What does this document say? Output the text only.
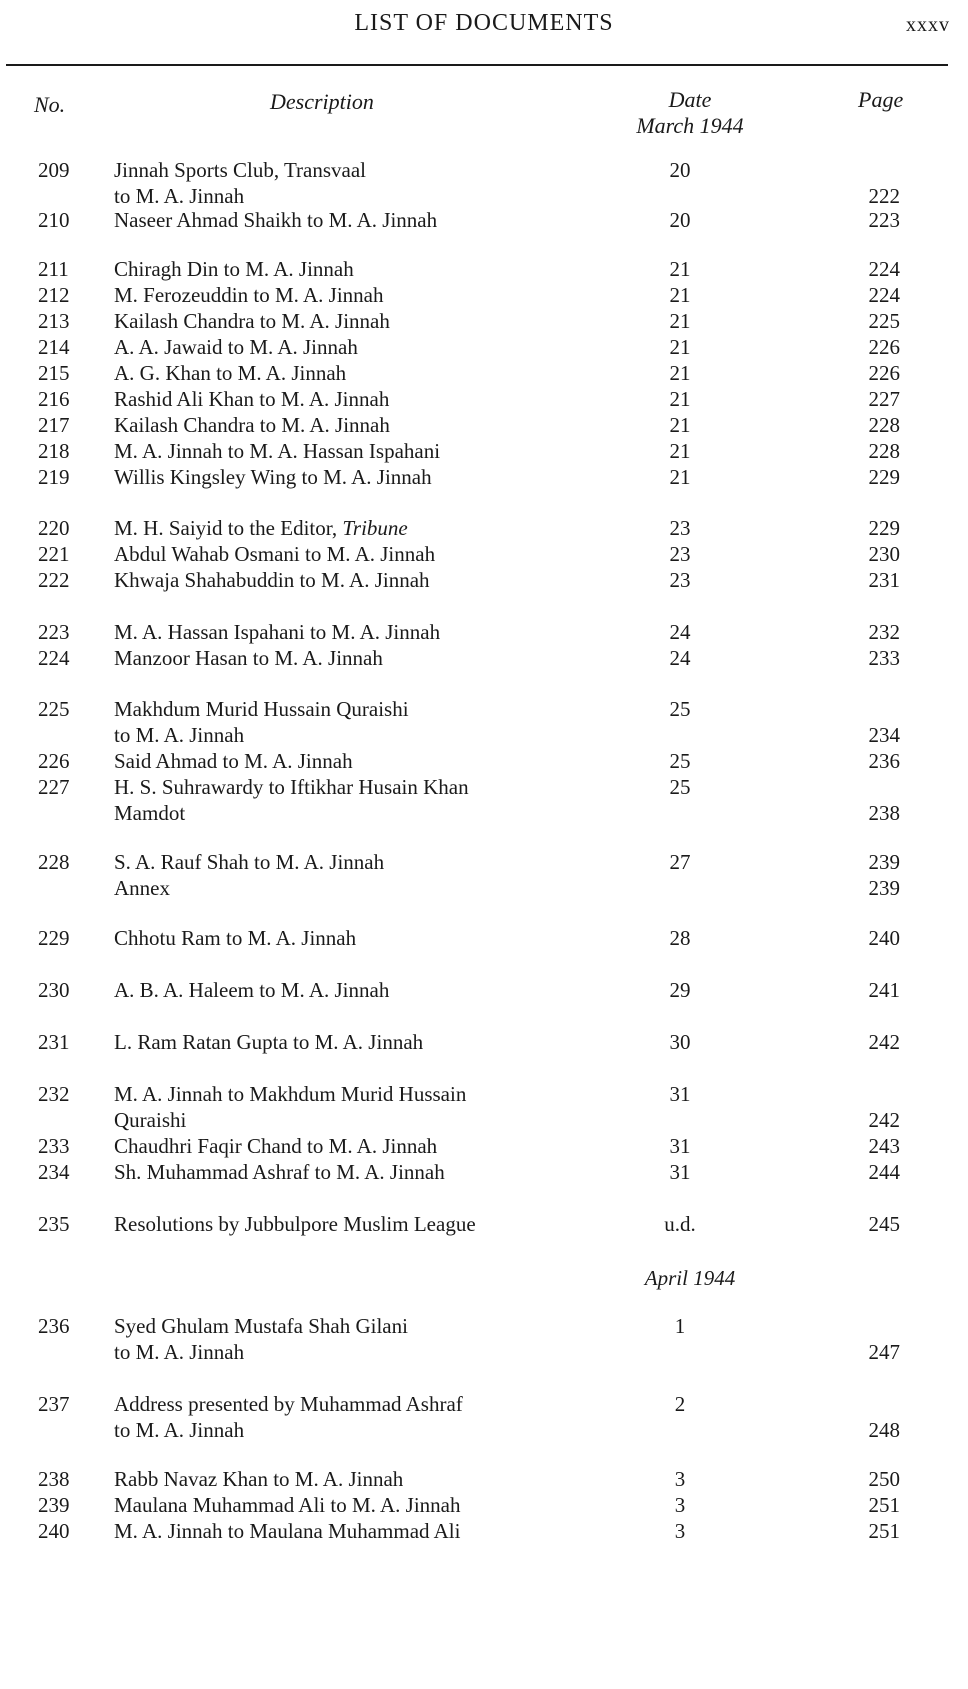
LIST OF DOCUMENTS	xxxv
No.	Description	Date
March 1944
Page
209	Jinnah Sports Club, Transvaal	20
to M. A. Jinnah	222
210	Naseer Ahmad Shaikh to M. A. Jinnah	20	223
211	Chiragh Din to M. A. Jinnah	21	224
212	M. Ferozeuddin to M. A. Jinnah	21	224
213	Kailash Chandra to M. A. Jinnah	21	225
214	A. A. Jawaid to M. A. Jinnah	21	226
215	A. G. Khan to M. A. Jinnah	21	226
216	Rashid Ali Khan to M. A. Jinnah	21	227
217	Kailash Chandra to M. A. Jinnah	21	228
218	M. A. Jinnah to M. A. Hassan Ispahani	21	228
219	Willis Kingsley Wing to M. A. Jinnah	21	229
220	M. H. Saiyid to the Editor, Tribune	23	229
221	Abdul Wahab Osmani to M. A. Jinnah	23	230
222	Khwaja Shahabuddin to M. A. Jinnah	23	231
223	M. A. Hassan Ispahani to M. A. Jinnah	24	232
224	Manzoor Hasan to M. A. Jinnah	24	233
225	Makhdum Murid Hussain Quraishi	25
to M. A. Jinnah	234
226	Said Ahmad to M. A. Jinnah	25	236
227	H. S. Suhrawardy to Iftikhar Husain Khan	25
Mamdot	238
228	S. A. Rauf Shah to M. A. Jinnah	27	239
Annex	239
229	Chhotu Ram to M. A. Jinnah	28	240
230	A. B. A. Haleem to M. A. Jinnah	29	241
231	L. Ram Ratan Gupta to M. A. Jinnah	30	242
232	M. A. Jinnah to Makhdum Murid Hussain	31
Quraishi	242
233	Chaudhri Faqir Chand to M. A. Jinnah	31	243
234	Sh. Muhammad Ashraf to M. A. Jinnah	31	244
235	Resolutions by Jubbulpore Muslim League	u.d.	245
236	Syed Ghulam Mustafa Shah Gilani	1
to M. A. Jinnah	247
237	Address presented by Muhammad Ashraf	2
to M. A. Jinnah	248
238	Rabb Navaz Khan to M. A. Jinnah	3	250
239	Maulana Muhammad Ali to M. A. Jinnah	3	251
240	M. A. Jinnah to Maulana Muhammad Ali	3	251
April 1944
